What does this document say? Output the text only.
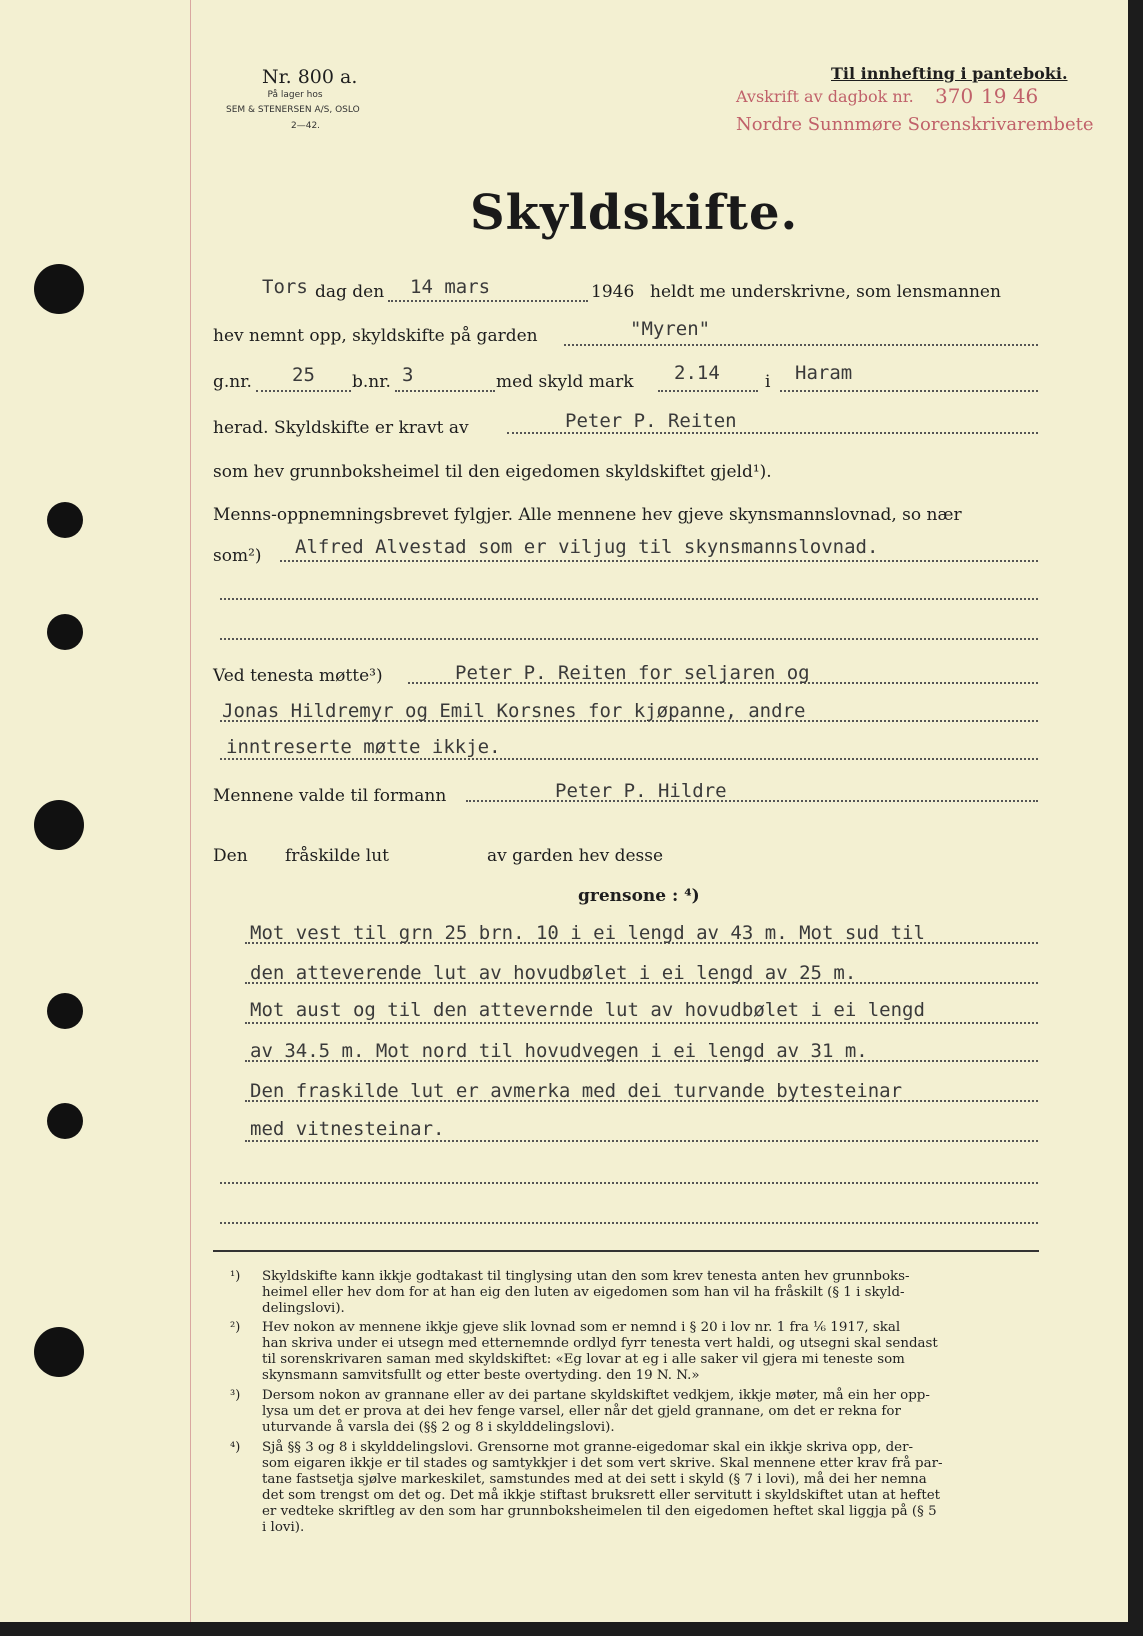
Nr. 800 a.
På lager hos
SEM & STENERSEN A/S, OSLO
2—42.
Til innhefting i panteboki.
Avskrift av dagbok nr. 370 19 46
Nordre Sunnmøre Sorenskrivarembete
Skyldskifte.
Tors dag den 14 mars	1946 heldt me underskrivne, som lensmannen
hev nemnt opp, skyldskifte på garden	"Myren"
g.nr. 25 b.nr. 3	med skyld mark 2.14	i Haram
herad. Skyldskifte er kravt av	Peter P. Reiten
som hev grunnboksheimel til den eigedomen skyldskiftet gjeld¹).
Menns-oppnemningsbrevet fylgjer. Alle mennene hev gjeve skynsmannslovnad, so nær
som²) Alfred Alvestad som er viljug til skynsmannslovnad.
Ved tenesta møtte³)	Peter P. Reiten for seljaren og
Jonas Hildremyr og Emil Korsnes for kjøpanne, andre
inntreserte møtte ikkje.
Mennene valde til formann	Peter P. Hildre
Den fråskilde lut	av garden hev desse
grensone : ⁴)
Mot vest til grn 25 brn. 10 i ei lengd av 43 m. Mot sud til
den atteverende lut av hovudbølet i ei lengd av 25 m.
Mot aust og til den attevernde lut av hovudbølet i ei lengd
av 34.5 m. Mot nord til hovudvegen i ei lengd av 31 m.
Den fraskilde lut er avmerka med dei turvande bytesteinar
med vitnesteinar.
¹) Skyldskifte kann ikkje godtakast til tinglysing utan den som krev tenesta anten hev grunnboks-
heimel eller hev dom for at han eig den luten av eigedomen som han vil ha fråskilt (§ 1 i skyld-
delingslovi).
²) Hev nokon av mennene ikkje gjeve slik lovnad som er nemnd i § 20 i lov nr. 1 fra ⅙ 1917, skal
han skriva under ei utsegn med etternemnde ordlyd fyrr tenesta vert haldi, og utsegni skal sendast
til sorenskrivaren saman med skyldskiftet: «Eg lovar at eg i alle saker vil gjera mi teneste som
skynsmann samvitsfullt og etter beste overtyding. den 19 N. N.»
³) Dersom nokon av grannane eller av dei partane skyldskiftet vedkjem, ikkje møter, må ein her opp-
lysa um det er prova at dei hev fenge varsel, eller når det gjeld grannane, om det er rekna for
uturvande å varsla dei (§§ 2 og 8 i skylddelingslovi).
⁴) Sjå §§ 3 og 8 i skylddelingslovi. Grensorne mot granne-eigedomar skal ein ikkje skriva opp, der-
som eigaren ikkje er til stades og samtykkjer i det som vert skrive. Skal mennene etter krav frå par-
tane fastsetja sjølve markeskilet, samstundes med at dei sett i skyld (§ 7 i lovi), må dei her nemna
det som trengst om det og. Det må ikkje stiftast bruksrett eller servitutt i skyldskiftet utan at heftet
er vedteke skriftleg av den som har grunnboksheimelen til den eigedomen heftet skal liggja på (§ 5
i lovi).
